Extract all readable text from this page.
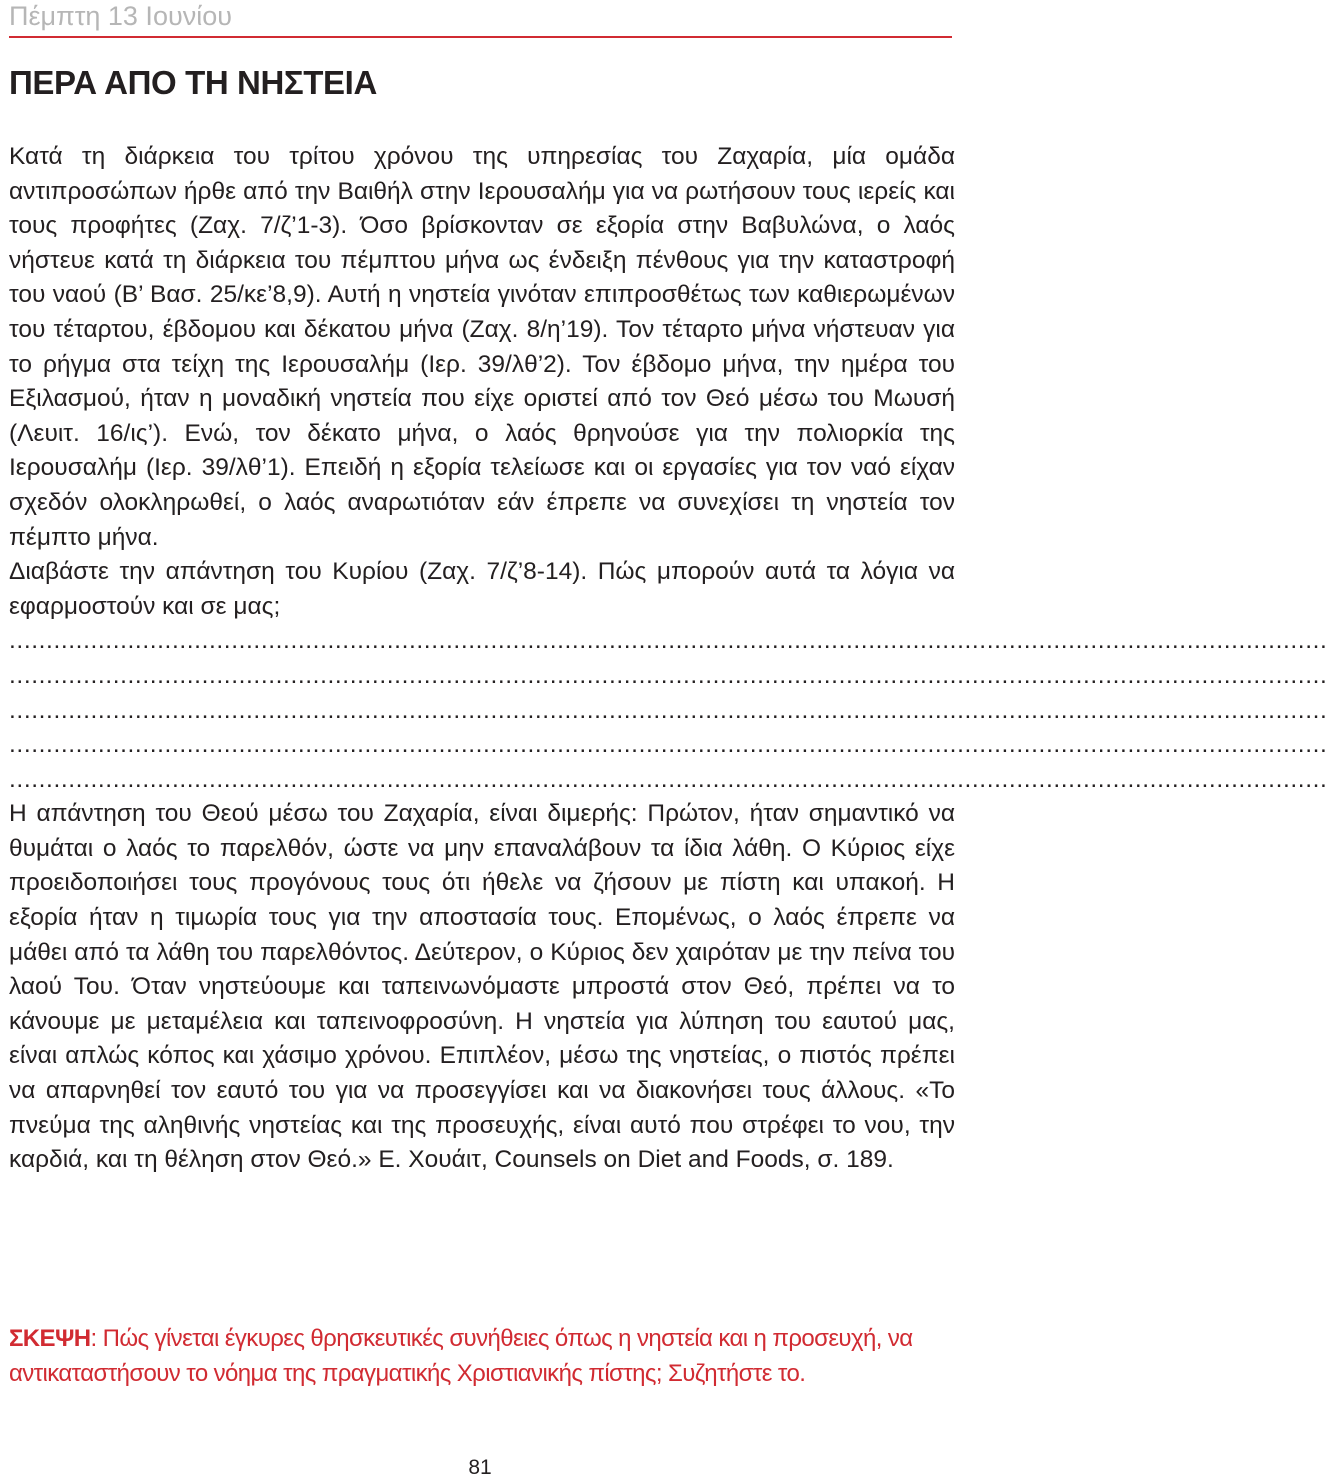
Πέμπτη 13 Ιουνίου
ΠΕΡΑ ΑΠΟ ΤΗ ΝΗΣΤΕΙΑ

Κατά τη διάρκεια του τρίτου χρόνου της υπηρεσίας του Ζαχαρία, μία ομάδα αντιπροσώπων ήρθε από την Βαιθήλ στην Ιερουσαλήμ για να ρωτήσουν τους ιερείς και τους προφήτες (Ζαχ. 7/ζ’1-3). Όσο βρίσκονταν σε εξορία στην Βαβυλώνα, ο λαός νήστευε κατά τη διάρκεια του πέμπτου μήνα ως ένδειξη πένθους για την καταστροφή του ναού (Β’ Βασ. 25/κε’8,9). Αυτή η νηστεία γινόταν επιπροσθέτως των καθιερωμένων του τέταρτου, έβδομου και δέκατου μήνα (Ζαχ. 8/η’19). Τον τέταρτο μήνα νήστευαν για το ρήγμα στα τείχη της Ιερουσαλήμ (Ιερ. 39/λθ’2). Τον έβδομο μήνα, την ημέρα του Εξιλασμού, ήταν η μοναδική νηστεία που είχε οριστεί από τον Θεό μέσω του Μωυσή (Λευιτ. 16/ις’). Ενώ, τον δέκατο μήνα, ο λαός θρηνούσε για την πολιορκία της Ιερουσαλήμ (Ιερ. 39/λθ’1). Επειδή η εξορία τελείωσε και οι εργασίες για τον ναό είχαν σχεδόν ολοκληρωθεί, ο λαός αναρωτιόταν εάν έπρεπε να συνεχίσει τη νηστεία τον πέμπτο μήνα.

Διαβάστε την απάντηση του Κυρίου (Ζαχ. 7/ζ’8-14). Πώς μπορούν αυτά τα λόγια να εφαρμοστούν και σε μας;

..................................................................................................................................................................................
..................................................................................................................................................................................
..................................................................................................................................................................................
..................................................................................................................................................................................
..................................................................................................................................................................................

Η απάντηση του Θεού μέσω του Ζαχαρία, είναι διμερής: Πρώτον, ήταν σημαντικό να θυμάται ο λαός το παρελθόν, ώστε να μην επαναλάβουν τα ίδια λάθη. Ο Κύριος είχε προειδοποιήσει τους προγόνους τους ότι ήθελε να ζήσουν με πίστη και υπακοή. Η εξορία ήταν η τιμωρία τους για την αποστασία τους. Επομένως, ο λαός έπρεπε να μάθει από τα λάθη του παρελθόντος. Δεύτερον, ο Κύριος δεν χαιρόταν με την πείνα του λαού Του. Όταν νηστεύουμε και ταπεινωνόμαστε μπροστά στον Θεό, πρέπει να το κάνουμε με μεταμέλεια και ταπεινοφροσύνη. Η νηστεία για λύπηση του εαυτού μας, είναι απλώς κόπος και χάσιμο χρόνου. Επιπλέον, μέσω της νηστείας, ο πιστός πρέπει να απαρνηθεί τον εαυτό του για να προσεγγίσει και να διακονήσει τους άλλους. «Το πνεύμα της αληθινής νηστείας και της προσευχής, είναι αυτό που στρέφει το νου, την καρδιά, και τη θέληση στον Θεό.» Ε. Χουάιτ, Counsels on Diet and Foods, σ. 189.

ΣΚΕΨΗ: Πώς γίνεται έγκυρες θρησκευτικές συνήθειες όπως η νηστεία και η προσευχή, να αντικαταστήσουν το νόημα της πραγματικής Χριστιανικής πίστης; Συζητήστε το.
81
